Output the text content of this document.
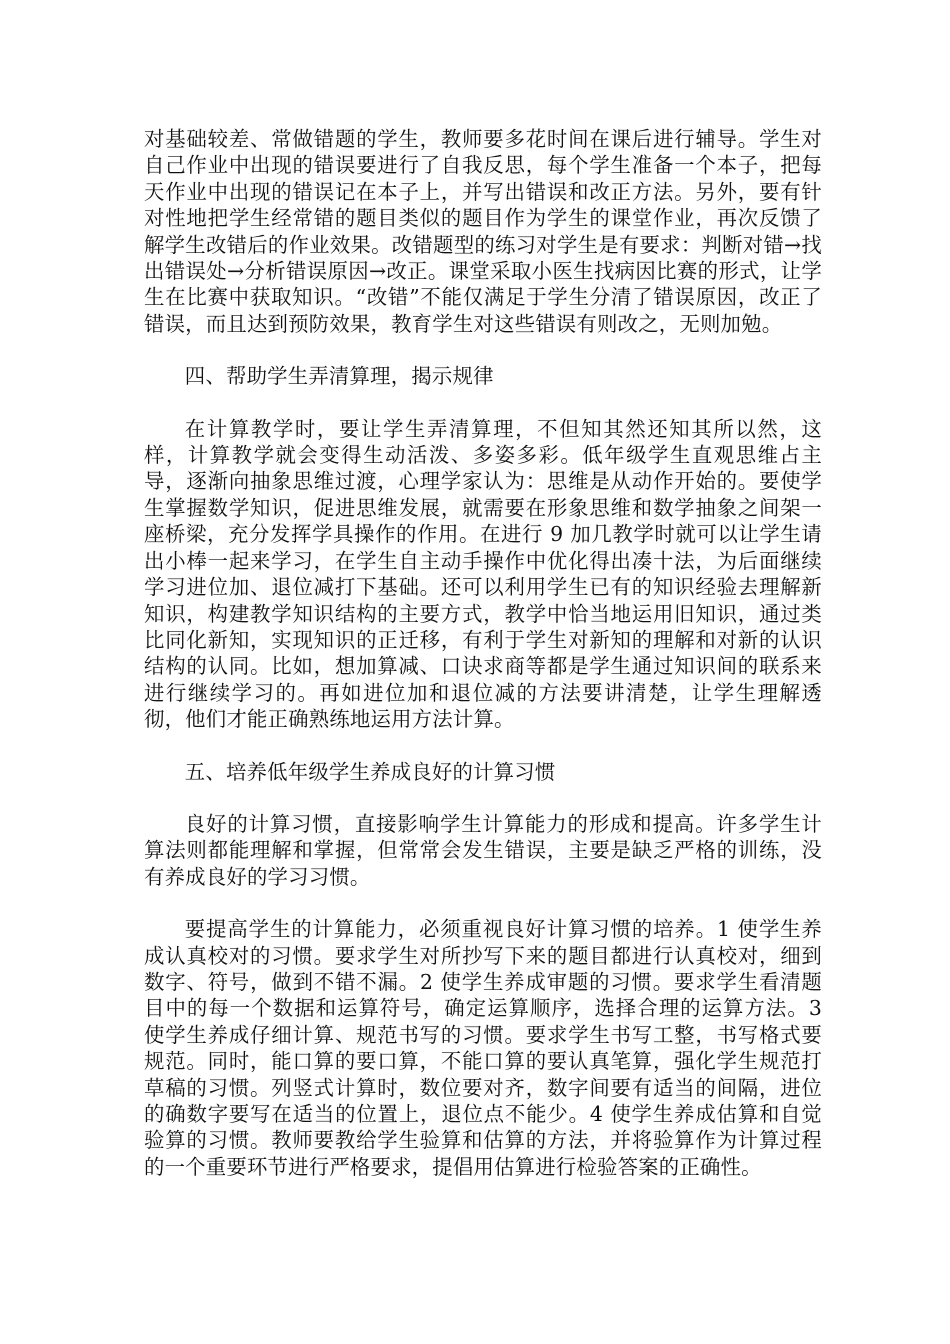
对基础较差、常做错题的学生，教师要多花时间在课后进行辅导。学生对自己作业中出现的错误要进行了自我反思，每个学生准备一个本子，把每天作业中出现的错误记在本子上，并写出错误和改正方法。另外，要有针对性地把学生经常错的题目类似的题目作为学生的课堂作业，再次反馈了解学生改错后的作业效果。改错题型的练习对学生是有要求：判断对错→找出错误处→分析错误原因→改正。课堂采取小医生找病因比赛的形式，让学生在比赛中获取知识。“改错”不能仅满足于学生分清了错误原因，改正了错误，而且达到预防效果，教育学生对这些错误有则改之，无则加勉。

四、帮助学生弄清算理，揭示规律

在计算教学时，要让学生弄清算理，不但知其然还知其所以然，这样，计算教学就会变得生动活泼、多姿多彩。低年级学生直观思维占主导，逐渐向抽象思维过渡，心理学家认为：思维是从动作开始的。要使学生掌握数学知识，促进思维发展，就需要在形象思维和数学抽象之间架一座桥梁，充分发挥学具操作的作用。在进行 9 加几教学时就可以让学生请出小棒一起来学习，在学生自主动手操作中优化得出凑十法，为后面继续学习进位加、退位减打下基础。还可以利用学生已有的知识经验去理解新知识，构建教学知识结构的主要方式，教学中恰当地运用旧知识，通过类比同化新知，实现知识的正迁移，有利于学生对新知的理解和对新的认识结构的认同。比如，想加算减、口诀求商等都是学生通过知识间的联系来进行继续学习的。再如进位加和退位减的方法要讲清楚，让学生理解透彻，他们才能正确熟练地运用方法计算。

五、培养低年级学生养成良好的计算习惯

良好的计算习惯，直接影响学生计算能力的形成和提高。许多学生计算法则都能理解和掌握，但常常会发生错误，主要是缺乏严格的训练，没有养成良好的学习习惯。

要提高学生的计算能力，必须重视良好计算习惯的培养。1 使学生养成认真校对的习惯。要求学生对所抄写下来的题目都进行认真校对，细到数字、符号，做到不错不漏。2 使学生养成审题的习惯。要求学生看清题目中的每一个数据和运算符号，确定运算顺序，选择合理的运算方法。3 使学生养成仔细计算、规范书写的习惯。要求学生书写工整，书写格式要规范。同时，能口算的要口算，不能口算的要认真笔算，强化学生规范打草稿的习惯。列竖式计算时，数位要对齐，数字间要有适当的间隔，进位的确数字要写在适当的位置上，退位点不能少。4 使学生养成估算和自觉验算的习惯。教师要教给学生验算和估算的方法，并将验算作为计算过程的一个重要环节进行严格要求，提倡用估算进行检验答案的正确性。
